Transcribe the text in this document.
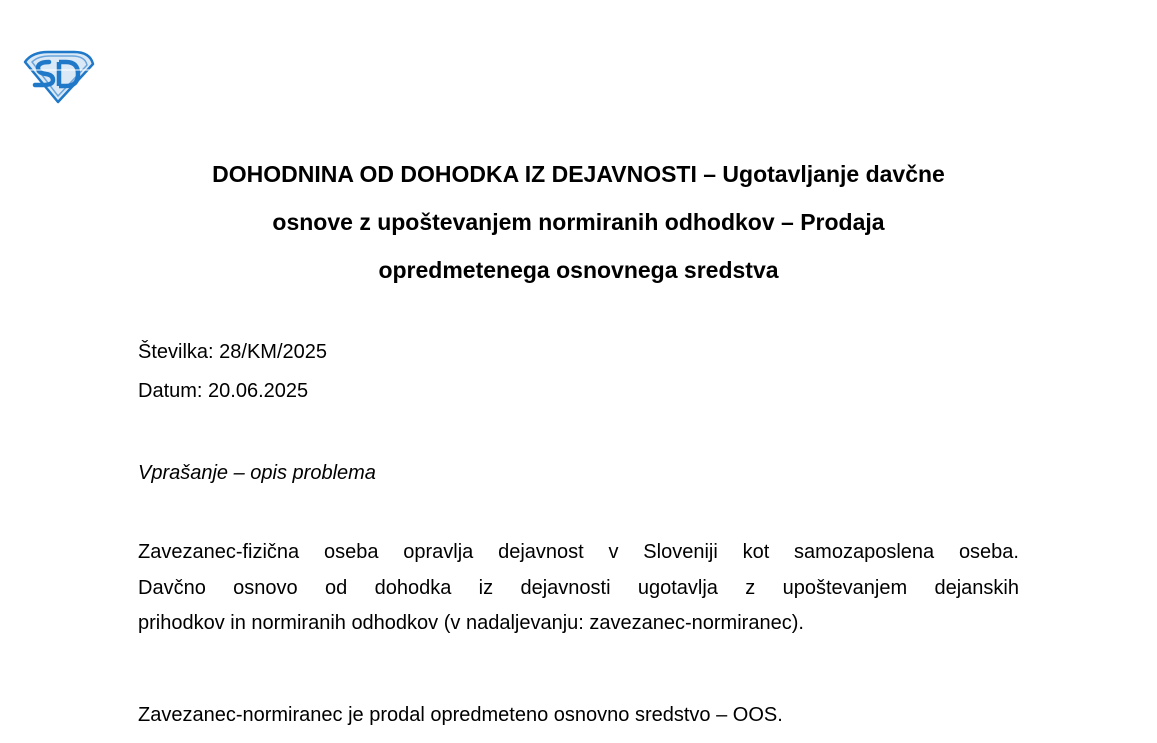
DOHODNINA OD DOHODKA IZ DEJAVNOSTI – Ugotavljanje davčne
osnove z upoštevanjem normiranih odhodkov – Prodaja
opredmetenega osnovnega sredstva
Številka: 28/KM/2025
Datum: 20.06.2025
Vprašanje – opis problema
Zavezanec-fizična oseba opravlja dejavnost v Sloveniji kot samozaposlena oseba.
Davčno osnovo od dohodka iz dejavnosti ugotavlja z upoštevanjem dejanskih
prihodkov in normiranih odhodkov (v nadaljevanju: zavezanec-normiranec).
Zavezanec-normiranec je prodal opredmeteno osnovno sredstvo – OOS.
